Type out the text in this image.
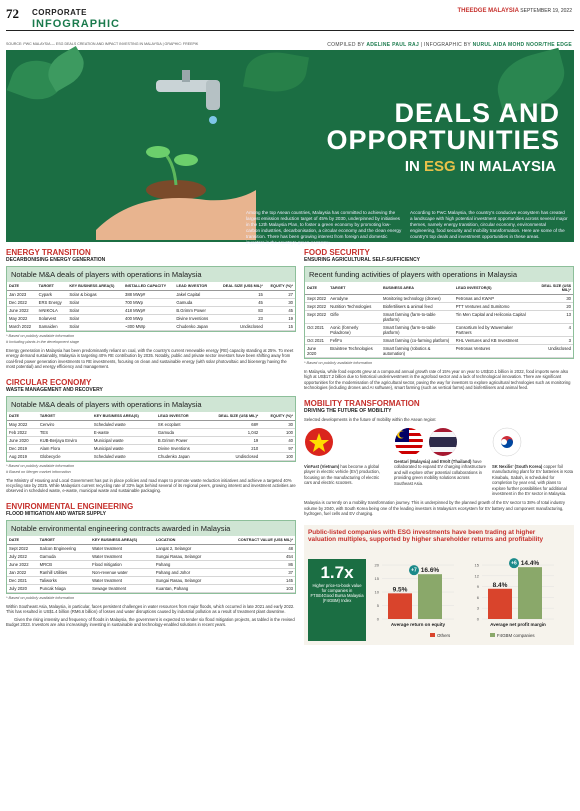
72 CORPORATE
INFOGRAPHIC
THEEDGE MALAYSIA SEPTEMBER 19, 2022
SOURCE: PWC MALAYSIA — ESG DEALS CREATION AND IMPACT INVESTING IN MALAYSIA | GRAPHIC: FREEPIK	COMPILED BY ADELINE PAUL RAJ | INFOGRAPHIC BY NURUL AIDA MOHD NOOR/THE EDGE
DEALS AND
OPPORTUNITIES
IN ESG IN MALAYSIA
Among the top Asean countries, Malaysia has committed to achieving the largest emission reduction target of 45% by 2030, underpinned by initiatives in the 12th Malaysia Plan, to foster a green economy by promoting low-carbon industries, decarbonisation, a circular economy and the clean energy transition. There has been growing interest from foreign and domestic investors in the country's green economy.
According to PwC Malaysia, the country's conducive ecosystem has created a landscape with high potential investment opportunities across several major themes, namely energy transition, circular economy, environmental engineering, food security and mobility transformation. Here are some of the country's top deals and investment opportunities in these areas.
ENERGY TRANSITION
DECARBONISING ENERGY GENERATION
Notable M&A deals of players with operations in Malaysia
DATE	TARGET	KEY BUSINESS AREA(S)	INSTALLED CAPACITY	LEAD INVESTOR	DEAL SIZE (US$ MIL)*	EQUITY (%)*
Jan 2023	Cypark	Solar & biogas	388 MWp#	Jakel Capital	15	27
Dec 2022	ERS Energy	Solar	700 MWp	Gamuda	45	30
June 2022	reNIKOLA	Solar	418 MWp#	B.Grimm Power	83	45
May 2022	Solarvest	Solar	400 MWp	Divine Inventions	23	19
March 2022	Samaiden	Solar	~300 MWp	Chudenko Japan	Undisclosed	15
* Based on publicly available information
# Including plants in the development stage
Energy generation in Malaysia has been predominantly reliant on coal, with the country's current renewable energy (RE) capacity standing at 25%. To meet energy demand sustainably, Malaysia is targeting 40% RE contribution by 2035. Notably, public and private sector investors have been shifting away from coal-fired power generation investments to RE investments, focusing on clean and sustainable energy (with solar photovoltaic and bioenergy having the most potential) and energy efficiency and management.
CIRCULAR ECONOMY
WASTE MANAGEMENT AND RECOVERY
Notable M&A deals of players with operations in Malaysia
DATE	TARGET	KEY BUSINESS AREA(S)	LEAD INVESTOR	DEAL SIZE (US$ MIL)*	EQUITY (%)*
May 2022	Cenviro	Scheduled waste	SK ecoplant	68#	30
Feb 2022	TES	E-waste	Gamuda	1,042	100
June 2020	KUB-Berjaya Enviro	Municipal waste	B.Grimm Power	19	40
Dec 2019	Alam Flora	Municipal waste	Divine Inventions	210	97
Aug 2019	Globecycle	Scheduled waste	Chudenko Japan	Undisclosed	100
* Based on publicly available information
# Based on Merger market information
The Ministry of Housing and Local Government has put in place policies and road maps to promote waste reduction initiatives and achieve a targeted 40% recycling rate by 2025. While Malaysia's current recycling rate of 33% lags behind several of its regional peers, growing interest and investment activities are observed in scheduled waste, e-waste, municipal waste and sustainable packaging.
ENVIRONMENTAL ENGINEERING
FLOOD MITIGATION AND WATER SUPPLY
Notable environmental engineering contracts awarded in Malaysia
DATE	TARGET	KEY BUSINESS AREA(S)	LOCATION	CONTRACT VALUE (US$ MIL)*
Sept 2022	Salcon Engineering	Water treatment	Langat 2, Selangor	48
July 2022	Gamuda	Water treatment	Sungai Rasau, Selangor	454
June 2022	MRCB	Flood mitigation	Pahang	86
Jan 2022	Ranhill Utilities	Non-revenue water	Pahang and Johor	37
Dec 2021	Taliworks	Water treatment	Sungai Rasau, Selangor	145
July 2020	Puncak Niaga	Sewage treatment	Kuantan, Pahang	103
* Based on publicly available information
Within Southeast Asia, Malaysia, in particular, faces persistent challenges in water resources from major floods, which occurred in late 2021 and early 2022. This has resulted in US$1.4 billion (RM6.6 billion) of losses and water disruptions caused by industrial pollution as a result of treatment plant downtime.
Given the rising intensity and frequency of floods in Malaysia, the government is expected to tender six flood mitigation projects, as tabled in the revised Budget 2023. Investors are also increasingly investing in sustainable and technology-enabled solutions in recent years.
FOOD SECURITY
ENSURING AGRICULTURAL SELF-SUFFICIENCY
Recent funding activities of players with operations in Malaysia
DATE	TARGET	BUSINESS AREA	LEAD INVESTOR(S)	DEAL SIZE (US$ MIL)*
Sept 2022	Aerodyne	Monitoring technology (drones)	Petronas and KWAP	30
Sept 2022	Nutrition Technologies	Biofertilisers & animal feed	PTT Ventures and Sumitomo	20
Sept 2022	Gifle	Smart farming (farm-to-table platform)	Tin Men Capital and Heliconia Capital	13
Oct 2021	Aonic (formerly Poladrone)	Smart farming (farm-to-table platform)	Consortium led by Wavemaker Partners	4
Oct 2021	FefiFo	Smart farming (co-farming platform)	RHL Ventures and KB Investment	3
June 2020	Braintree Technologies	Smart farming (robotics & automation)	Petronas Ventures	Undisclosed
* Based on publicly available information
In Malaysia, while food exports grew at a compound annual growth rate of 15% year on year to US$10.1 billion in 2022, food imports were also high at US$17.2 billion due to historical underinvestment in the agrofood sector and a lack of technological innovation. There are significant opportunities for the modernisation of the agricultural sector, paving the way for investors to explore agricultural technologies such as monitoring technologies (including drones and AI software), smart farming (such as vertical farms) and biofertilisers and animal feed.
MOBILITY TRANSFORMATION
DRIVING THE FUTURE OF MOBILITY
Selected developments in the future of mobility within the Asean region:
VinFast (Vietnam) has become a global player in electric vehicle (EV) production, focusing on the manufacturing of electric cars and electric scooters.
Gentari (Malaysia) and EVolt (Thailand) have collaborated to expand EV charging infrastructure and will explore other potential collaborations in providing green mobility solutions across Southeast Asia.
SK Nexilis' (South Korea) copper foil manufacturing plant for EV batteries in Kota Kinabalu, Sabah, is scheduled for completion by year end, with plans to explore further possibilities for additional investment in the EV sector in Malaysia.
Malaysia is currently on a mobility transformation journey. This is underpinned by the planned growth of the EV sector to 38% of total industry volume by 2040, with South Korea being one of the leading investors in Malaysia's ecosystem for EV battery and component manufacturing, hydrogen, fuel cells and EV charging.
Public-listed companies with ESG investments have been trading at higher valuation multiples, supported by higher shareholder returns and profitability
1.7x
Higher price-to-book value for companies in FTSE4Good Bursa Malaysia (F4GBM) Index
0
5
10
15
20
9.5%
16.6%
+7
Average return on equity
0
3
6
9
12
15
8.4%
14.4%
+6
Average net profit margin
Others	F4GBM companies
